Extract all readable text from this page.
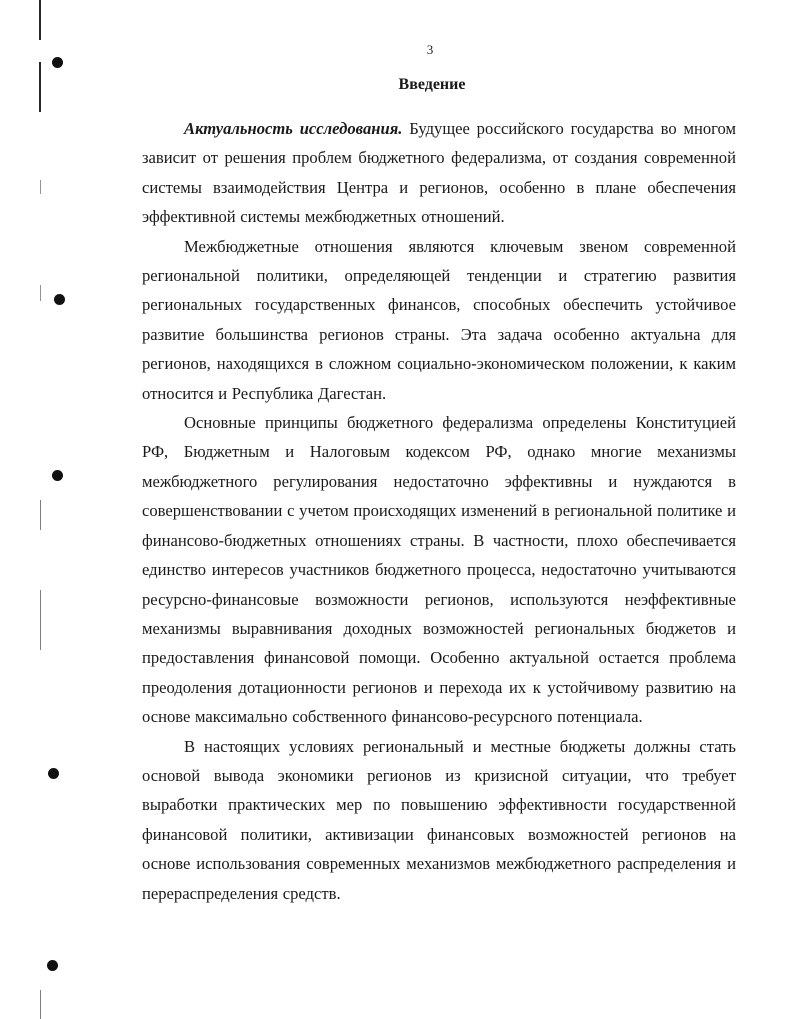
3
Введение

Актуальность исследования. Будущее российского государства во многом зависит от решения проблем бюджетного федерализма, от создания современной системы взаимодействия Центра и регионов, особенно в плане обеспечения эффективной системы межбюджетных отношений.

Межбюджетные отношения являются ключевым звеном современной региональной политики, определяющей тенденции и стратегию развития региональных государственных финансов, способных обеспечить устойчивое развитие большинства регионов страны. Эта задача особенно актуальна для регионов, находящихся в сложном социально-экономическом положении, к каким относится и Республика Дагестан.

Основные принципы бюджетного федерализма определены Конституцией РФ, Бюджетным и Налоговым кодексом РФ, однако многие механизмы межбюджетного регулирования недостаточно эффективны и нуждаются в совершенствовании с учетом происходящих изменений в региональной политике и финансово-бюджетных отношениях страны. В частности, плохо обеспечивается единство интересов участников бюджетного процесса, недостаточно учитываются ресурсно-финансовые возможности регионов, используются неэффективные механизмы выравнивания доходных возможностей региональных бюджетов и предоставления финансовой помощи. Особенно актуальной остается проблема преодоления дотационности регионов и перехода их к устойчивому развитию на основе максимально собственного финансово-ресурсного потенциала.

В настоящих условиях региональный и местные бюджеты должны стать основой вывода экономики регионов из кризисной ситуации, что требует выработки практических мер по повышению эффективности государственной финансовой политики, активизации финансовых возможностей регионов на основе использования современных механизмов межбюджетного распределения и перераспределения средств.
